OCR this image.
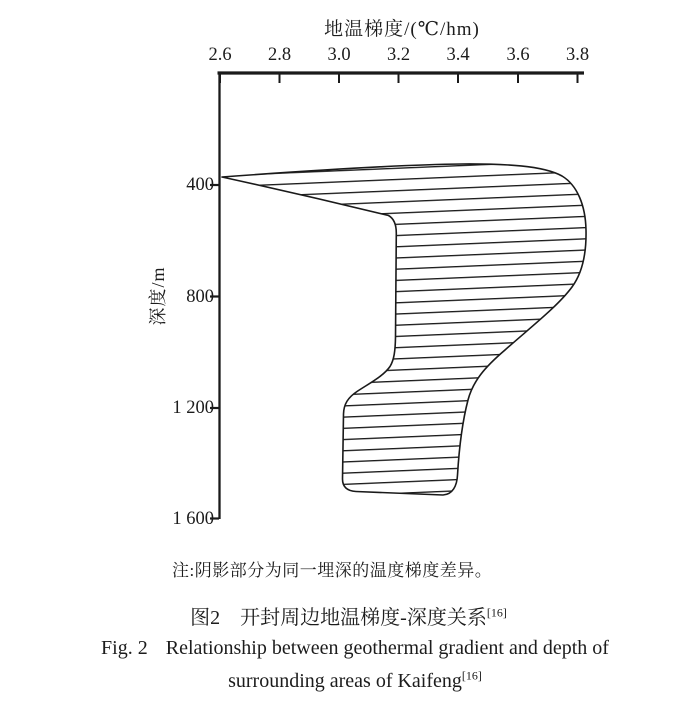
地温梯度/(℃/hm)
2.6	2.8	3.0	3.2	3.4	3.6	3.8
400
800
1 200
1 600
深度/m
注:阴影部分为同一埋深的温度梯度差异。
图2 开封周边地温梯度-深度关系[16]
Fig. 2 Relationship between geothermal gradient and depth of
surrounding areas of Kaifeng[16]
